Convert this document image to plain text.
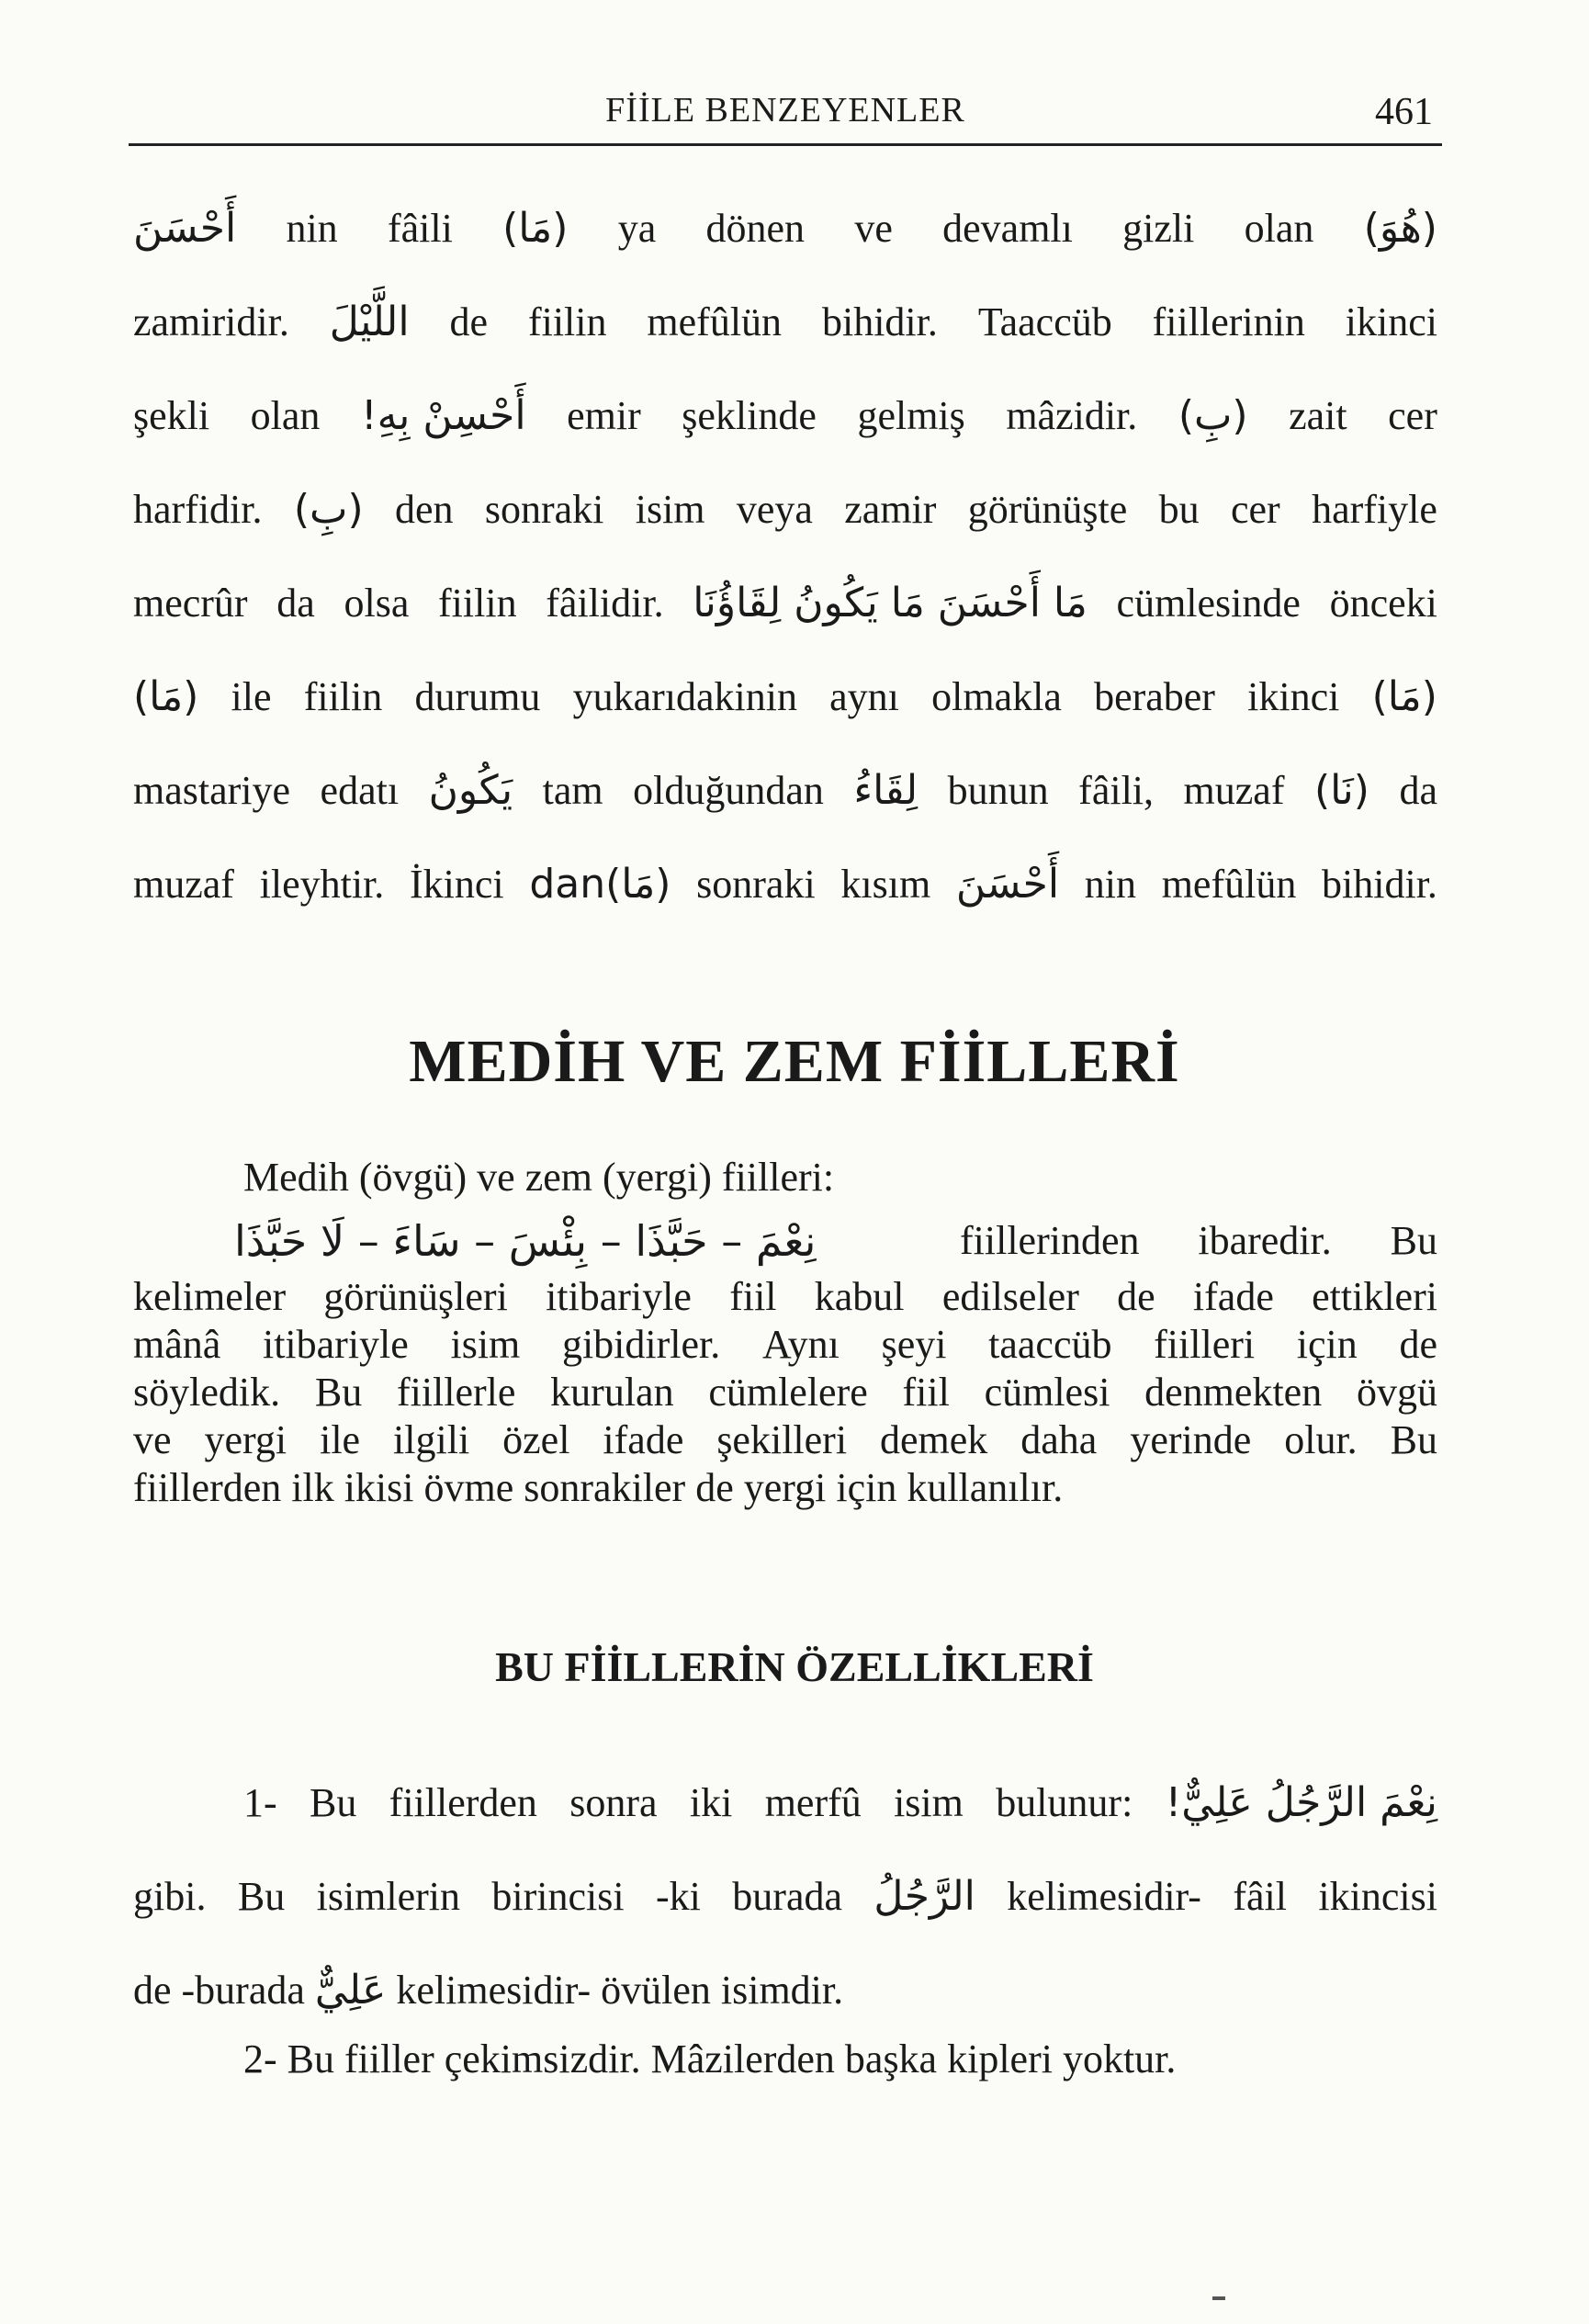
FİİLE BENZEYENLER	461
أَحْسَنَ nin fâili (مَا) ya dönen ve devamlı gizli olan (هُوَ)
zamiridir. اللَّيْلَ de fiilin mefûlün bihidir. Taaccüb fiillerinin ikinci
şekli olan أَحْسِنْ بِهِ! emir şeklinde gelmiş mâzidir. (بِ) zait cer
harfidir. (بِ) den sonraki isim veya zamir görünüşte bu cer harfiyle
mecrûr da olsa fiilin fâilidir. مَا أَحْسَنَ مَا يَكُونُ لِقَاؤُنَا cümlesinde önceki
(مَا) ile fiilin durumu yukarıdakinin aynı olmakla beraber ikinci (مَا)
mastariye edatı يَكُونُ tam olduğundan لِقَاءُ bunun fâili, muzaf (نَا) da
muzaf ileyhtir. İkinci (مَا)dan sonraki kısım أَحْسَنَ nin mefûlün bihidir.
MEDİH VE ZEM FİİLLERİ
Medih (övgü) ve zem (yergi) fiilleri:
نِعْمَ – حَبَّذَا – بِئْسَ – سَاءَ – لَا حَبَّذَا	fiillerinden ibaredir. Bu
kelimeler görünüşleri itibariyle fiil kabul edilseler de ifade ettikleri
mânâ itibariyle isim gibidirler. Aynı şeyi taaccüb fiilleri için de
söyledik. Bu fiillerle kurulan cümlelere fiil cümlesi denmekten övgü
ve yergi ile ilgili özel ifade şekilleri demek daha yerinde olur. Bu
fiillerden ilk ikisi övme sonrakiler de yergi için kullanılır.
BU FİİLLERİN ÖZELLİKLERİ
1- Bu fiillerden sonra iki merfû isim bulunur: نِعْمَ الرَّجُلُ عَلِيٌّ!
gibi. Bu isimlerin birincisi -ki burada الرَّجُلُ kelimesidir- fâil ikincisi
de -burada عَلِيٌّ kelimesidir- övülen isimdir.
2- Bu fiiller çekimsizdir. Mâzilerden başka kipleri yoktur.
